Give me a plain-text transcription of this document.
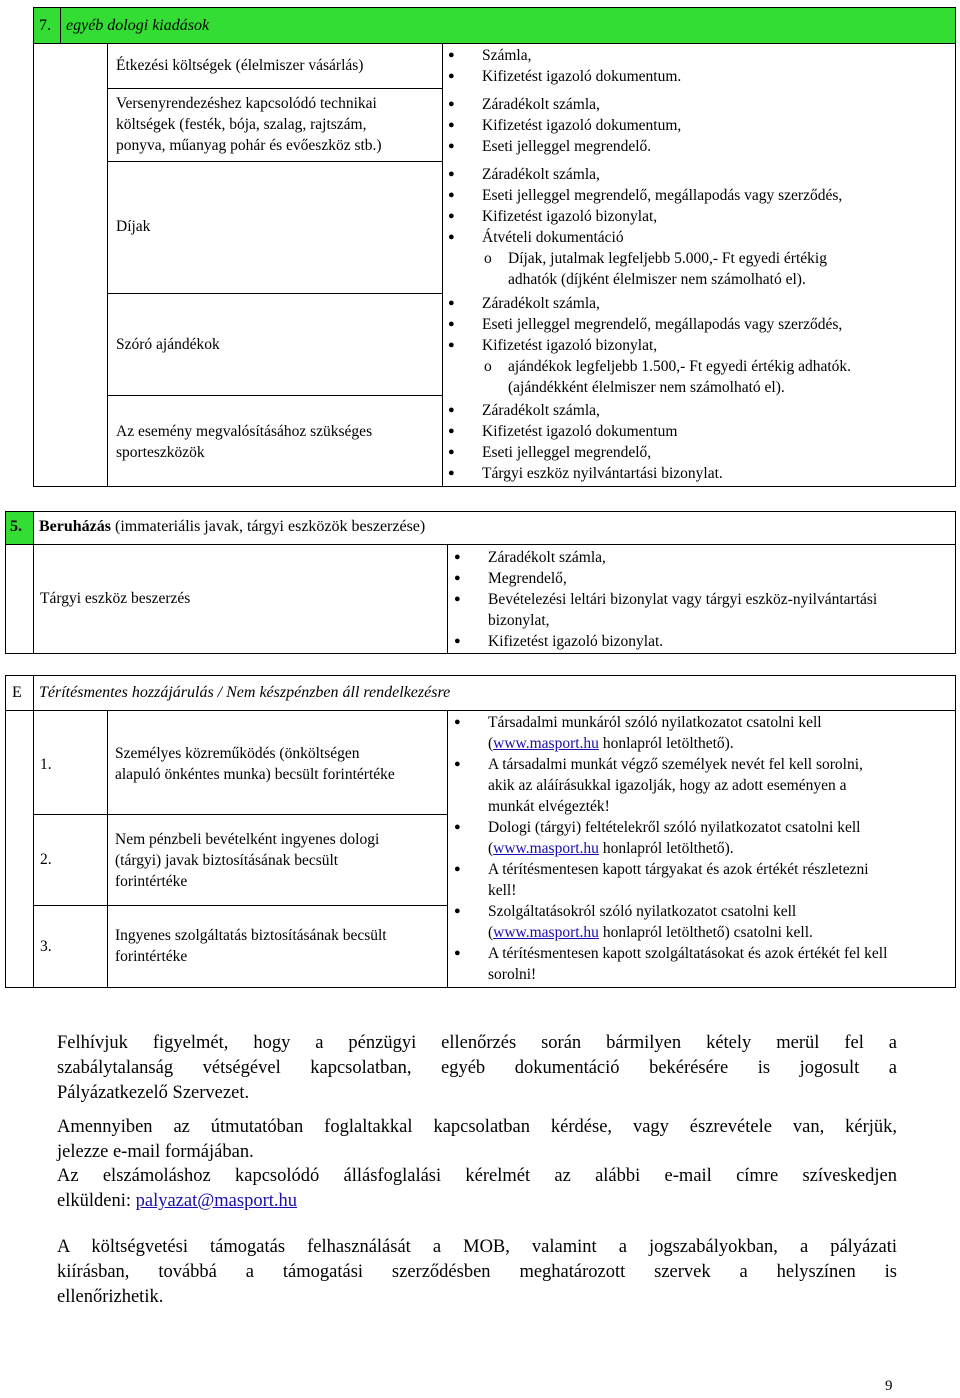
7. egyéb dologi kiadások
Étkezési költségek (élelmiszer vásárlás)
Versenyrendezéshez kapcsolódó technikai
költségek (festék, bója, szalag, rajtszám,
ponyva, műanyag pohár és evőeszköz stb.)
Díjak
Szóró ajándékok
Az esemény megvalósításához szükséges
sporteszközök
● Számla,
● Kifizetést igazoló dokumentum.
● Záradékolt számla,
● Kifizetést igazoló dokumentum,
● Eseti jelleggel megrendelő.
● Záradékolt számla,
● Eseti jelleggel megrendelő, megállapodás vagy szerződés,
● Kifizetést igazoló bizonylat,
● Átvételi dokumentáció
o Díjak, jutalmak legfeljebb 5.000,- Ft egyedi értékig
adhatók (díjként élelmiszer nem számolható el).
● Záradékolt számla,
● Eseti jelleggel megrendelő, megállapodás vagy szerződés,
● Kifizetést igazoló bizonylat,
o ajándékok legfeljebb 1.500,- Ft egyedi értékig adhatók.
(ajándékként élelmiszer nem számolható el).
● Záradékolt számla,
● Kifizetést igazoló dokumentum
● Eseti jelleggel megrendelő,
● Tárgyi eszköz nyilvántartási bizonylat.
5. Beruházás (immateriális javak, tárgyi eszközök beszerzése)
Tárgyi eszköz beszerzés
● Záradékolt számla,
● Megrendelő,
● Bevételezési leltári bizonylat vagy tárgyi eszköz-nyilvántartási
bizonylat,
● Kifizetést igazoló bizonylat.
E Térítésmentes hozzájárulás / Nem készpénzben áll rendelkezésre
1.
2.
3.
Személyes közreműködés (önköltségen
alapuló önkéntes munka) becsült forintértéke
Nem pénzbeli bevételként ingyenes dologi
(tárgyi) javak biztosításának becsült
forintértéke
Ingyenes szolgáltatás biztosításának becsült
forintértéke
● Társadalmi munkáról szóló nyilatkozatot csatolni kell
(www.masport.hu honlapról letölthető).
● A társadalmi munkát végző személyek nevét fel kell sorolni,
akik az aláírásukkal igazolják, hogy az adott eseményen a
munkát elvégezték!
● Dologi (tárgyi) feltételekről szóló nyilatkozatot csatolni kell
(www.masport.hu honlapról letölthető).
● A térítésmentesen kapott tárgyakat és azok értékét részletezni
kell!
● Szolgáltatásokról szóló nyilatkozatot csatolni kell
(www.masport.hu honlapról letölthető) csatolni kell.
● A térítésmentesen kapott szolgáltatásokat és azok értékét fel kell
sorolni!
Felhívjuk figyelmét, hogy a pénzügyi ellenőrzés során bármilyen kétely merül fel a
szabálytalanság vétségével kapcsolatban, egyéb dokumentáció bekérésére is jogosult a
Pályázatkezelő Szervezet.
Amennyiben az útmutatóban foglaltakkal kapcsolatban kérdése, vagy észrevétele van, kérjük,
jelezze e-mail formájában.
Az elszámoláshoz kapcsolódó állásfoglalási kérelmét az alábbi e-mail címre szíveskedjen
elküldeni: palyazat@masport.hu
A költségvetési támogatás felhasználását a MOB, valamint a jogszabályokban, a pályázati
kiírásban, továbbá a támogatási szerződésben meghatározott szervek a helyszínen is
ellenőrizhetik.
9
